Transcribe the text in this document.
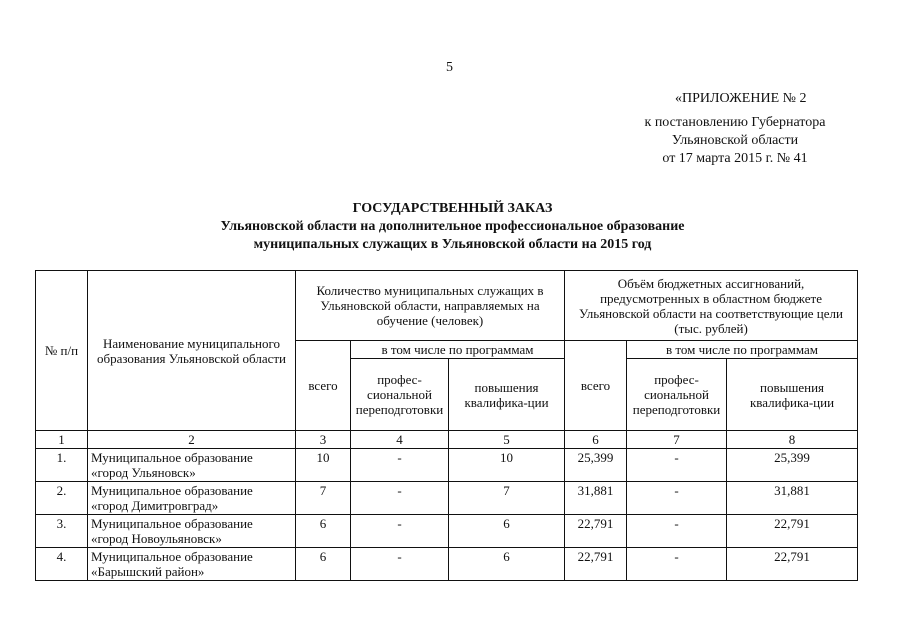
5
«ПРИЛОЖЕНИЕ № 2
к постановлению Губернатора
Ульяновской области
от 17 марта 2015 г. № 41
ГОСУДАРСТВЕННЫЙ ЗАКАЗ
Ульяновской области на дополнительное профессиональное образование
муниципальных служащих в Ульяновской области на 2015 год
№ п/п	Наименование муниципального образования Ульяновской области	Количество муниципальных служащих в Ульяновской области, направляемых на обучение (человек)			Объём бюджетных ассигнований, предусмотренных в областном бюджете Ульяновской области на соответствующие цели (тыс. рублей)		
		всего	в том числе по программам		всего	в том числе по программам	
			профес-сиональной переподготовки	повышения квалифика-ции		профес-сиональной переподготовки	повышения квалифика-ции
1	2	3	4	5	6	7	8
1.	Муниципальное образование «город Ульяновск»	10	-	10	25,399	-	25,399
2.	Муниципальное образование «город Димитровград»	7	-	7	31,881	-	31,881
3.	Муниципальное образование «город Новоульяновск»	6	-	6	22,791	-	22,791
4.	Муниципальное образование «Барышский район»	6	-	6	22,791	-	22,791
